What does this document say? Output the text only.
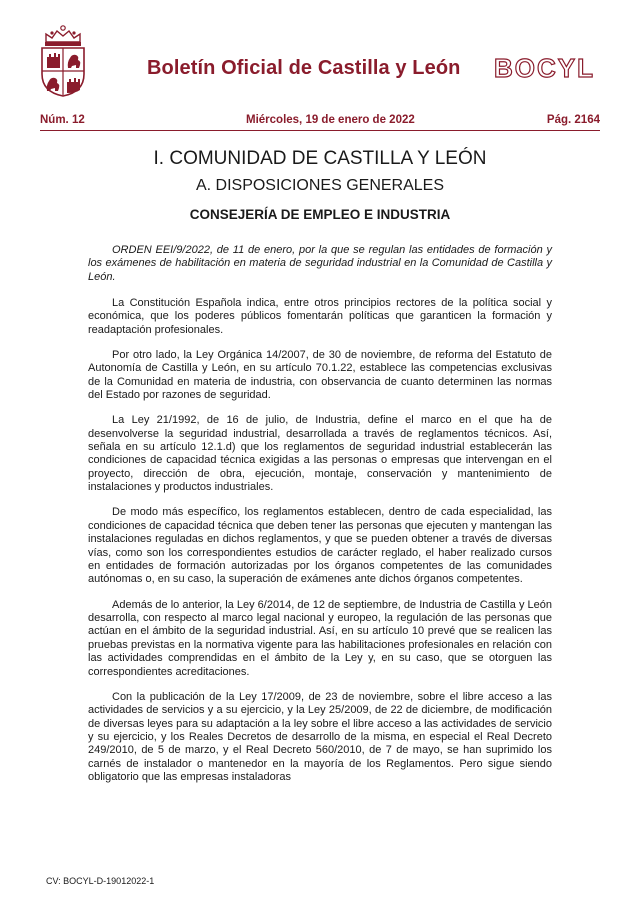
Boletín Oficial de Castilla y León BOCYL
Núm. 12	Miércoles, 19 de enero de 2022	Pág. 2164
I. COMUNIDAD DE CASTILLA Y LEÓN
A. DISPOSICIONES GENERALES
CONSEJERÍA DE EMPLEO E INDUSTRIA

ORDEN EEI/9/2022, de 11 de enero, por la que se regulan las entidades de formación y los exámenes de habilitación en materia de seguridad industrial en la Comunidad de Castilla y León.

La Constitución Española indica, entre otros principios rectores de la política social y económica, que los poderes públicos fomentarán políticas que garanticen la formación y readaptación profesionales.

Por otro lado, la Ley Orgánica 14/2007, de 30 de noviembre, de reforma del Estatuto de Autonomía de Castilla y León, en su artículo 70.1.22, establece las competencias exclusivas de la Comunidad en materia de industria, con observancia de cuanto determinen las normas del Estado por razones de seguridad.

La Ley 21/1992, de 16 de julio, de Industria, define el marco en el que ha de desenvolverse la seguridad industrial, desarrollada a través de reglamentos técnicos. Así, señala en su artículo 12.1.d) que los reglamentos de seguridad industrial establecerán las condiciones de capacidad técnica exigidas a las personas o empresas que intervengan en el proyecto, dirección de obra, ejecución, montaje, conservación y mantenimiento de instalaciones y productos industriales.

De modo más específico, los reglamentos establecen, dentro de cada especialidad, las condiciones de capacidad técnica que deben tener las personas que ejecuten y mantengan las instalaciones reguladas en dichos reglamentos, y que se pueden obtener a través de diversas vías, como son los correspondientes estudios de carácter reglado, el haber realizado cursos en entidades de formación autorizadas por los órganos competentes de las comunidades autónomas o, en su caso, la superación de exámenes ante dichos órganos competentes.

Además de lo anterior, la Ley 6/2014, de 12 de septiembre, de Industria de Castilla y León desarrolla, con respecto al marco legal nacional y europeo, la regulación de las personas que actúan en el ámbito de la seguridad industrial. Así, en su artículo 10 prevé que se realicen las pruebas previstas en la normativa vigente para las habilitaciones profesionales en relación con las actividades comprendidas en el ámbito de la Ley y, en su caso, que se otorguen las correspondientes acreditaciones.

Con la publicación de la Ley 17/2009, de 23 de noviembre, sobre el libre acceso a las actividades de servicios y a su ejercicio, y la Ley 25/2009, de 22 de diciembre, de modificación de diversas leyes para su adaptación a la ley sobre el libre acceso a las actividades de servicio y su ejercicio, y los Reales Decretos de desarrollo de la misma, en especial el Real Decreto 249/2010, de 5 de marzo, y el Real Decreto 560/2010, de 7 de mayo, se han suprimido los carnés de instalador o mantenedor en la mayoría de los Reglamentos. Pero sigue siendo obligatorio que las empresas instaladoras

CV: BOCYL-D-19012022-1
